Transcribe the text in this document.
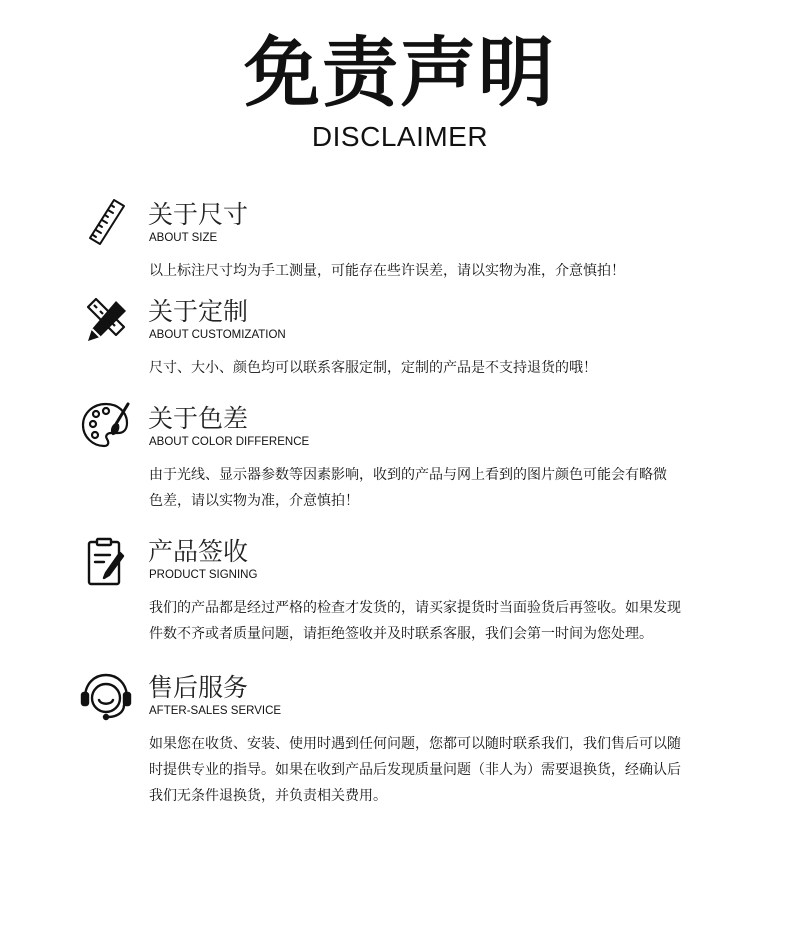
免责声明
DISCLAIMER
关于尺寸
ABOUT SIZE

以上标注尺寸均为手工测量，可能存在些许误差，请以实物为准，介意慎拍！

关于定制
ABOUT CUSTOMIZATION

尺寸、大小、颜色均可以联系客服定制，定制的产品是不支持退货的哦！

关于色差
ABOUT COLOR DIFFERENCE

由于光线、显示器参数等因素影响，收到的产品与网上看到的图片颜色可能会有略微

色差，请以实物为准，介意慎拍！

产品签收
PRODUCT SIGNING

我们的产品都是经过严格的检查才发货的，请买家提货时当面验货后再签收。如果发现

件数不齐或者质量问题，请拒绝签收并及时联系客服，我们会第一时间为您处理。

售后服务
AFTER-SALES SERVICE

如果您在收货、安装、使用时遇到任何问题，您都可以随时联系我们，我们售后可以随

时提供专业的指导。如果在收到产品后发现质量问题（非人为）需要退换货，经确认后

我们无条件退换货，并负责相关费用。
